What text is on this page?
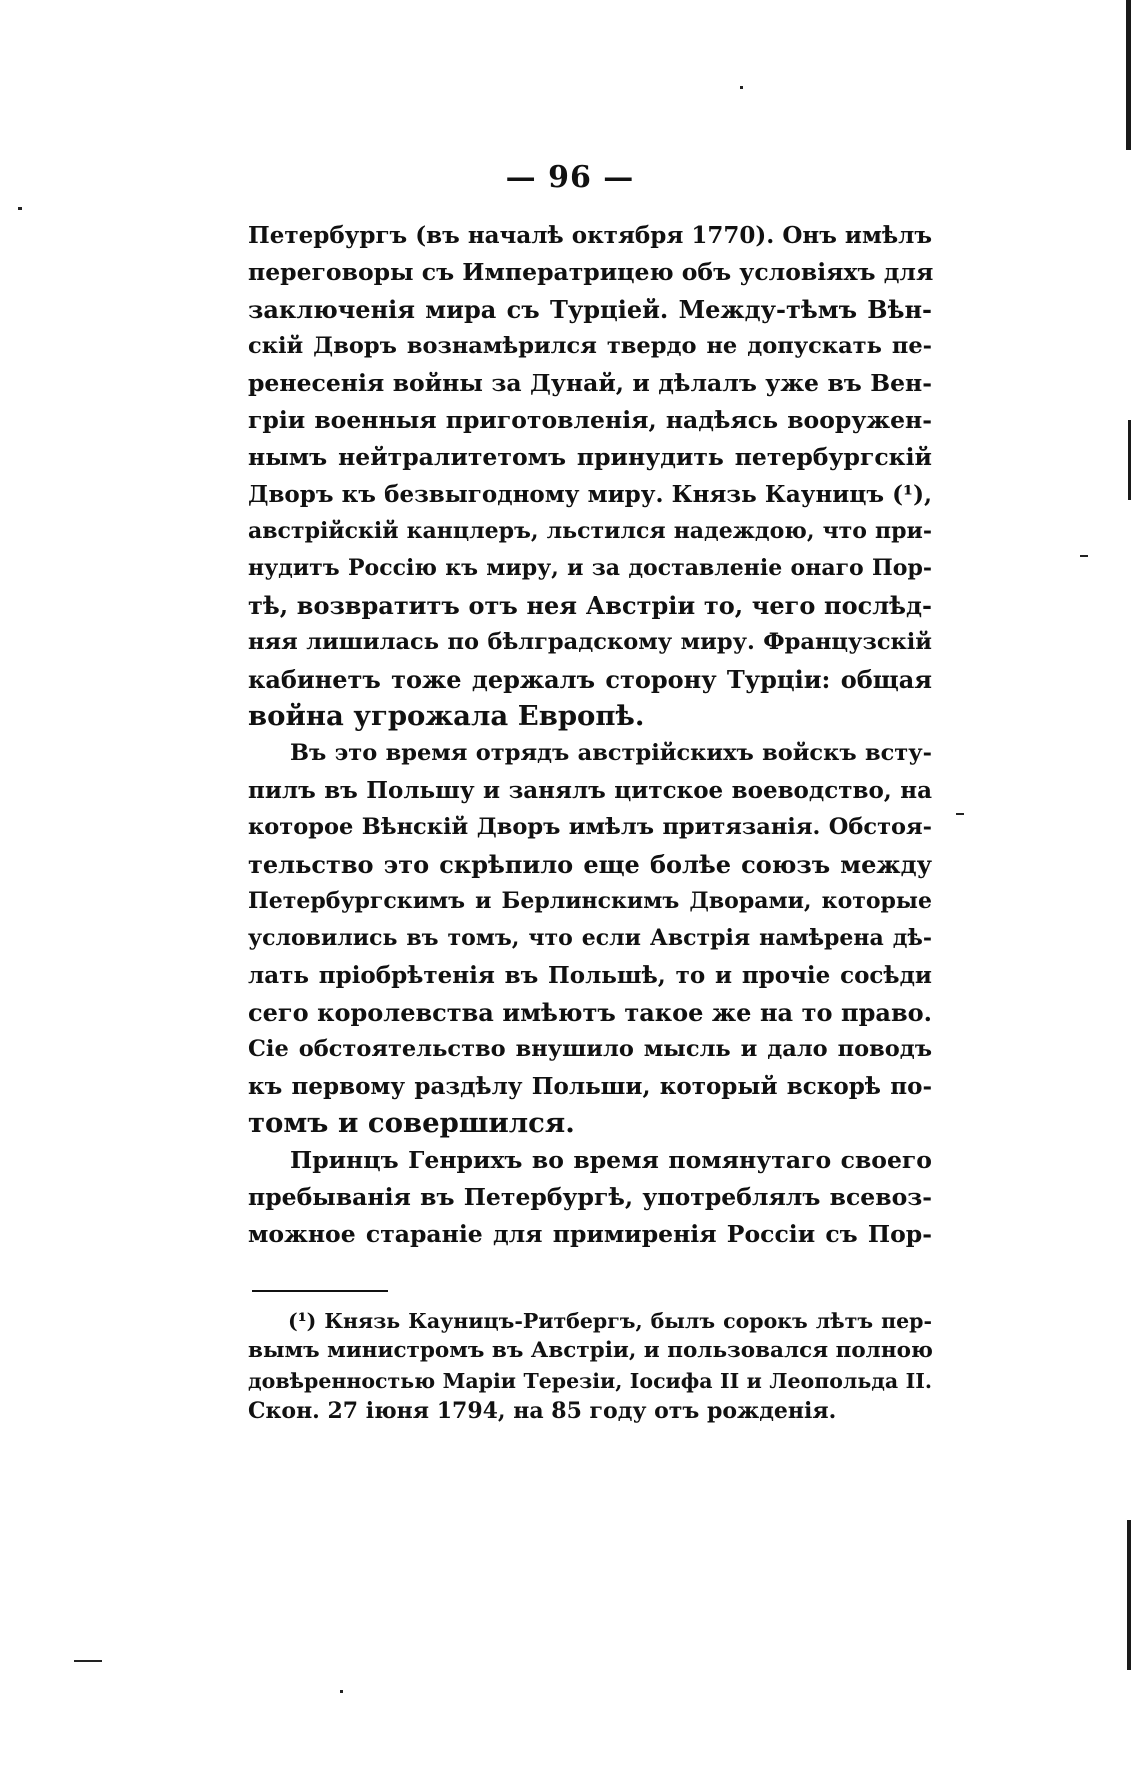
— 96 —
Петербургъ (въ началѣ октября 1770). Онъ имѣлъ
переговоры съ Императрицею объ условіяхъ для
заключенія мира съ Турціей. Между-тѣмъ Вѣн-
скій Дворъ вознамѣрился твердо не допускать пе-
ренесенія войны за Дунай, и дѣлалъ уже въ Вен-
гріи военныя приготовленія, надѣясь вооружен-
нымъ нейтралитетомъ принудить петербургскій
Дворъ къ безвыгодному миру. Князь Кауницъ (¹),
австрійскій канцлеръ, льстился надеждою, что при-
нудитъ Россію къ миру, и за доставленіе онаго Пор-
тѣ, возвратитъ отъ нея Австріи то, чего послѣд-
няя лишилась по бѣлградскому миру. Французскій
кабинетъ тоже держалъ сторону Турціи: общая
война угрожала Европѣ.
Въ это время отрядъ австрійскихъ войскъ всту-
пилъ въ Польшу и занялъ цитское воеводство, на
которое Вѣнскій Дворъ имѣлъ притязанія. Обстоя-
тельство это скрѣпило еще болѣе союзъ между
Петербургскимъ и Берлинскимъ Дворами, которые
условились въ томъ, что если Австрія намѣрена дѣ-
лать пріобрѣтенія въ Польшѣ, то и прочіе сосѣди
сего королевства имѣютъ такое же на то право.
Сіе обстоятельство внушило мысль и дало поводъ
къ первому раздѣлу Польши, который вскорѣ по-
томъ и совершился.
Принцъ Генрихъ во время помянутаго своего
пребыванія въ Петербургѣ, употреблялъ всевоз-
можное стараніе для примиренія Россіи съ Пор-
(¹) Князь Кауницъ-Ритбергъ, былъ сорокъ лѣтъ пер-
вымъ министромъ въ Австріи, и пользовался полною
довѣренностью Маріи Терезіи, Іосифа II и Леопольда II.
Скон. 27 іюня 1794, на 85 году отъ рожденія.
